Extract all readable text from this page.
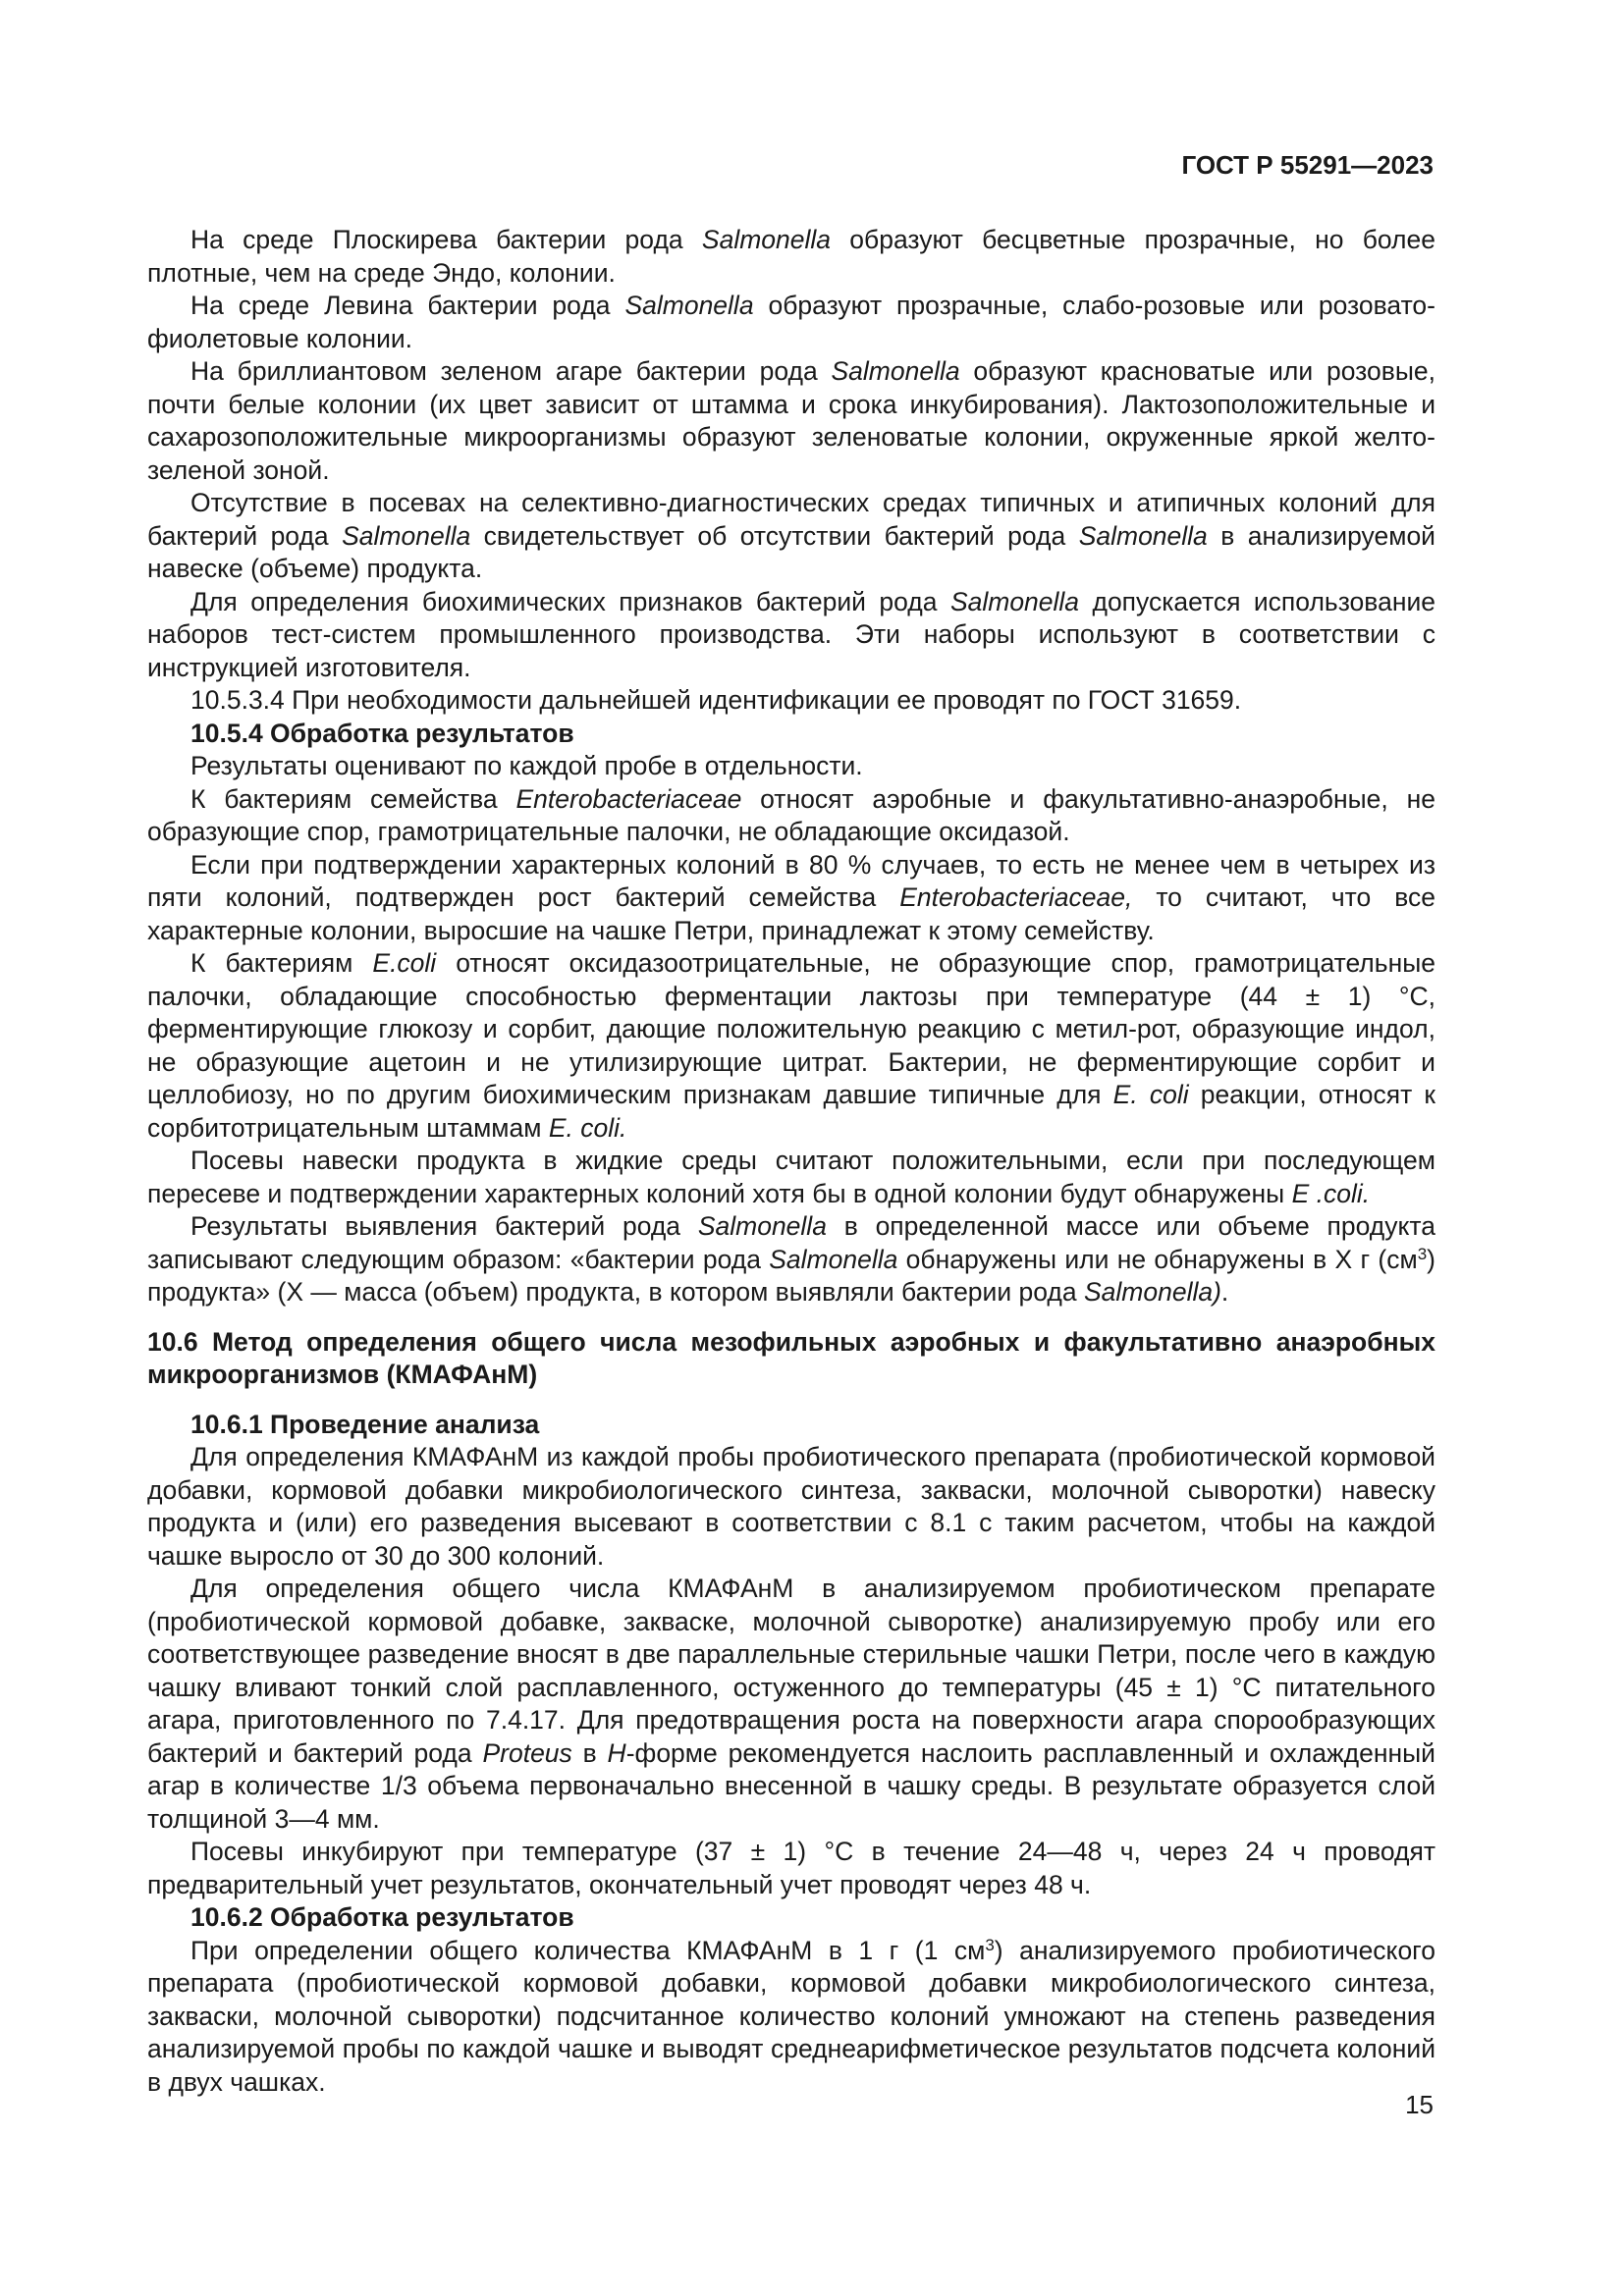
ГОСТ Р 55291—2023

На среде Плоскирева бактерии рода Salmonella образуют бесцветные прозрачные, но более плотные, чем на среде Эндо, колонии.

На среде Левина бактерии рода Salmonella образуют прозрачные, слабо-розовые или розовато-фиолетовые колонии.

На бриллиантовом зеленом агаре бактерии рода Salmonella образуют красноватые или розовые, почти белые колонии (их цвет зависит от штамма и срока инкубирования). Лактозоположительные и сахарозоположительные микроорганизмы образуют зеленоватые колонии, окруженные яркой желто-зеленой зоной.

Отсутствие в посевах на селективно-диагностических средах типичных и атипичных колоний для бактерий рода Salmonella свидетельствует об отсутствии бактерий рода Salmonella в анализируемой навеске (объеме) продукта.

Для определения биохимических признаков бактерий рода Salmonella допускается использование наборов тест-систем промышленного производства. Эти наборы используют в соответствии с инструкцией изготовителя.

10.5.3.4 При необходимости дальнейшей идентификации ее проводят по ГОСТ 31659.

10.5.4 Обработка результатов

Результаты оценивают по каждой пробе в отдельности.

К бактериям семейства Enterobacteriaceae относят аэробные и факультативно-анаэробные, не образующие спор, грамотрицательные палочки, не обладающие оксидазой.

Если при подтверждении характерных колоний в 80 % случаев, то есть не менее чем в четырех из пяти колоний, подтвержден рост бактерий семейства Enterobacteriaceae, то считают, что все характерные колонии, выросшие на чашке Петри, принадлежат к этому семейству.

К бактериям E.coli относят оксидазоотрицательные, не образующие спор, грамотрицательные палочки, обладающие способностью ферментации лактозы при температуре (44 ± 1) °С, ферментирующие глюкозу и сорбит, дающие положительную реакцию с метил-рот, образующие индол, не образующие ацетоин и не утилизирующие цитрат. Бактерии, не ферментирующие сорбит и целлобиозу, но по другим биохимическим признакам давшие типичные для E. coli реакции, относят к сорбитотрицательным штаммам E. coli.

Посевы навески продукта в жидкие среды считают положительными, если при последующем пересеве и подтверждении характерных колоний хотя бы в одной колонии будут обнаружены E .coli.

Результаты выявления бактерий рода Salmonella в определенной массе или объеме продукта записывают следующим образом: «бактерии рода Salmonella обнаружены или не обнаружены в X г $(см^3)$ продукта» (X — масса (объем) продукта, в котором выявляли бактерии рода Salmonella).

10.6 Метод определения общего числа мезофильных аэробных и факультативно анаэробных микроорганизмов (КМАФАнМ)

10.6.1 Проведение анализа

Для определения КМАФАнМ из каждой пробы пробиотического препарата (пробиотической кормовой добавки, кормовой добавки микробиологического синтеза, закваски, молочной сыворотки) навеску продукта и (или) его разведения высевают в соответствии с 8.1 с таким расчетом, чтобы на каждой чашке выросло от 30 до 300 колоний.

Для определения общего числа КМАФАнМ в анализируемом пробиотическом препарате (пробиотической кормовой добавке, закваске, молочной сыворотке) анализируемую пробу или его соответствующее разведение вносят в две параллельные стерильные чашки Петри, после чего в каждую чашку вливают тонкий слой расплавленного, остуженного до температуры (45 ± 1) °С питательного агара, приготовленного по 7.4.17. Для предотвращения роста на поверхности агара спорообразующих бактерий и бактерий рода Proteus в Н-форме рекомендуется наслоить расплавленный и охлажденный агар в количестве 1/3 объема первоначально внесенной в чашку среды. В результате образуется слой толщиной 3—4 мм.

Посевы инкубируют при температуре (37 ± 1) °С в течение 24—48 ч, через 24 ч проводят предварительный учет результатов, окончательный учет проводят через 48 ч.

10.6.2 Обработка результатов

При определении общего количества КМАФАнМ в 1 г (1 $см^3$) анализируемого пробиотического препарата (пробиотической кормовой добавки, кормовой добавки микробиологического синтеза, закваски, молочной сыворотки) подсчитанное количество колоний умножают на степень разведения анализируемой пробы по каждой чашке и выводят среднеарифметическое результатов подсчета колоний в двух чашках.

15
